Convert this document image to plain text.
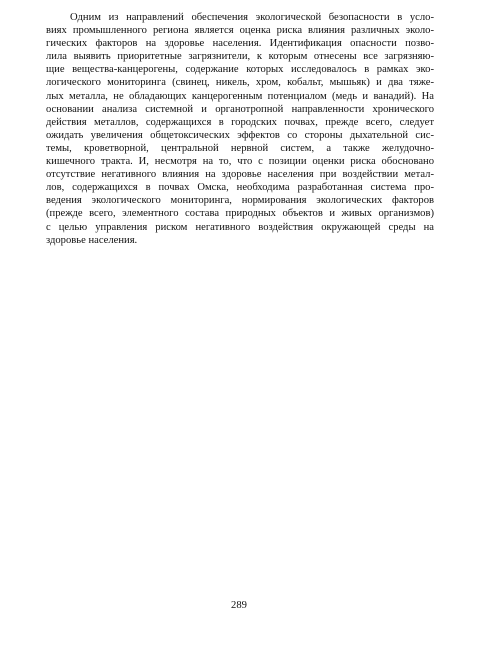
Одним из направлений обеспечения экологической безопасности в усло-
виях промышленного региона является оценка риска влияния различных эколо-
гических факторов на здоровье населения. Идентификация опасности позво-
лила выявить приоритетные загрязнители, к которым отнесены все загрязняю-
щие вещества-канцерогены, содержание которых исследовалось в рамках эко-
логического мониторинга (свинец, никель, хром, кобальт, мышьяк) и два тяже-
лых металла, не обладающих канцерогенным потенциалом (медь и ванадий). На
основании анализа системной и органотропной направленности хронического
действия металлов, содержащихся в городских почвах, прежде всего, следует
ожидать увеличения общетоксических эффектов со стороны дыхательной сис-
темы, кроветворной, центральной нервной систем, а также желудочно-
кишечного тракта. И, несмотря на то, что с позиции оценки риска обосновано
отсутствие негативного влияния на здоровье населения при воздействии метал-
лов, содержащихся в почвах Омска, необходима разработанная система про-
ведения экологического мониторинга, нормирования экологических факторов
(прежде всего, элементного состава природных объектов и живых организмов)
с целью управления риском негативного воздействия окружающей среды на
здоровье населения.
289
